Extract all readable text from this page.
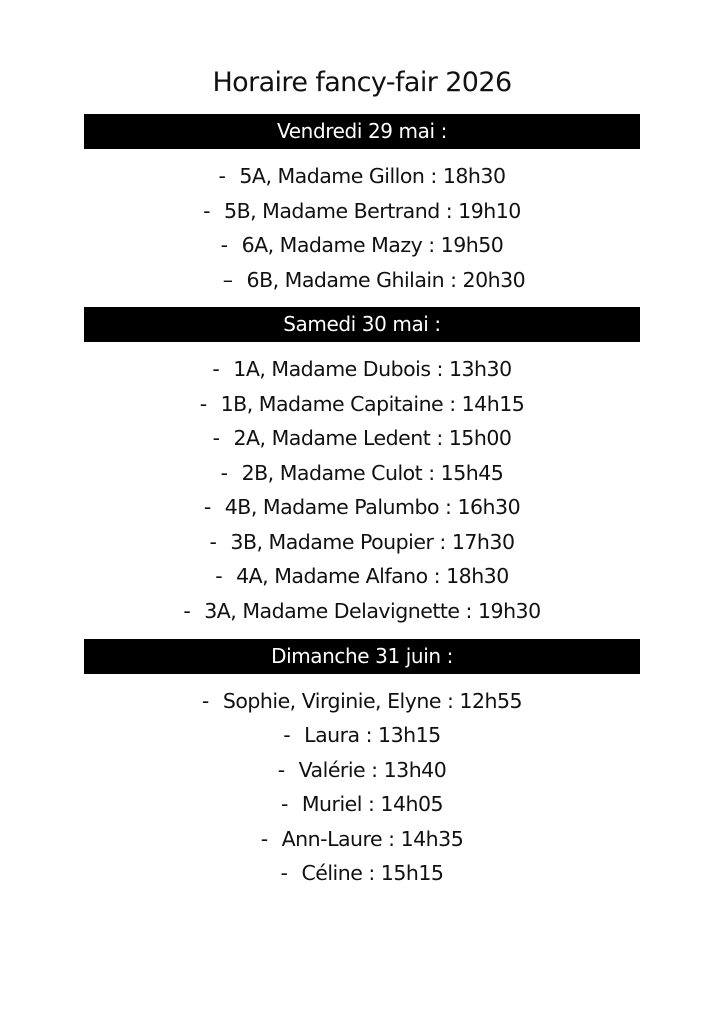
Horaire fancy-fair 2026
Vendredi 29 mai :
- 5A, Madame Gillon : 18h30
- 5B, Madame Bertrand : 19h10
- 6A, Madame Mazy : 19h50
– 6B, Madame Ghilain : 20h30
Samedi 30 mai :
- 1A, Madame Dubois : 13h30
- 1B, Madame Capitaine : 14h15
- 2A, Madame Ledent : 15h00
- 2B, Madame Culot : 15h45
- 4B, Madame Palumbo : 16h30
- 3B, Madame Poupier : 17h30
- 4A, Madame Alfano : 18h30
- 3A, Madame Delavignette : 19h30
Dimanche 31 juin :
- Sophie, Virginie, Elyne : 12h55
- Laura : 13h15
- Valérie : 13h40
- Muriel : 14h05
- Ann-Laure : 14h35
- Céline : 15h15
